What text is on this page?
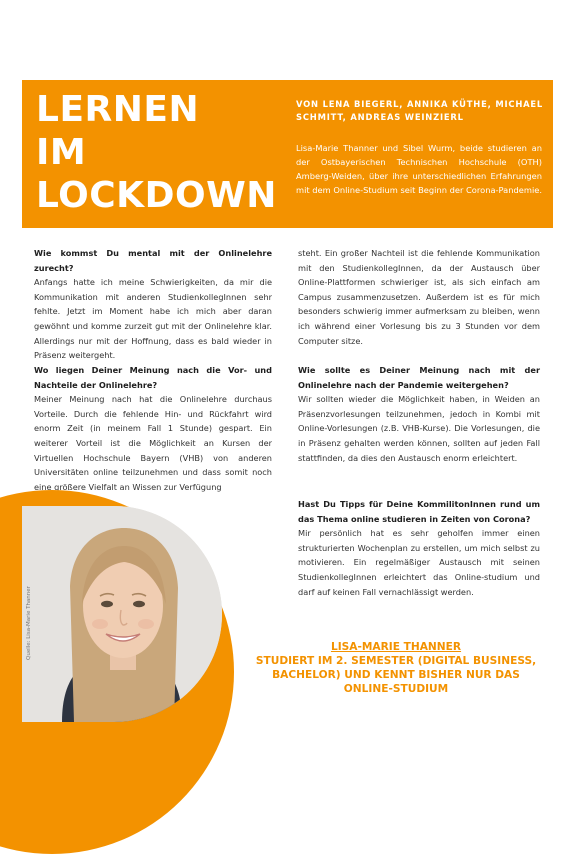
LERNEN
IM
LOCKDOWN

VON LENA BIEGERL, ANNIKA KÜTHE, MICHAEL SCHMITT, ANDREAS WEINZIERL

Lisa-Marie Thanner und Sibel Wurm, beide studieren an der Ostbayerischen Technischen Hochschule (OTH) Amberg-Weiden, über ihre unterschiedlichen Erfahrungen mit dem Online-Studium seit Beginn der Corona-Pandemie.

Wie kommst Du mental mit der Onlinelehre zurecht?
Anfangs hatte ich meine Schwierigkeiten, da mir die Kommunikation mit anderen StudienkollegInnen sehr fehlte. Jetzt im Moment habe ich mich aber daran gewöhnt und komme zurzeit gut mit der Onlinelehre klar. Allerdings nur mit der Hoffnung, dass es bald wieder in Präsenz weitergeht.
Wo liegen Deiner Meinung nach die Vor- und Nachteile der Onlinelehre?
Meiner Meinung nach hat die Onlinelehre durchaus Vorteile. Durch die fehlende Hin- und Rückfahrt wird enorm Zeit (in meinem Fall 1 Stunde) gespart. Ein weiterer Vorteil ist die Möglichkeit an Kursen der Virtuellen Hochschule Bayern (VHB) von anderen Universitäten online teilzunehmen und dass somit noch eine größere Vielfalt an Wissen zur Verfügung
steht. Ein großer Nachteil ist die fehlende Kommunikation mit den StudienkollegInnen, da der Austausch über Online-Plattformen schwieriger ist, als sich einfach am Campus zusammenzusetzen. Außerdem ist es für mich besonders schwierig immer aufmerksam zu bleiben, wenn ich während einer Vorlesung bis zu 3 Stunden vor dem Computer sitze.
Wie sollte es Deiner Meinung nach mit der Onlinelehre nach der Pandemie weitergehen?
Wir sollten wieder die Möglichkeit haben, in Weiden an Präsenzvorlesungen teilzunehmen, jedoch in Kombi mit Online-Vorlesungen (z.B. VHB-Kurse). Die Vorlesungen, die in Präsenz gehalten werden können, sollten auf jeden Fall stattfinden, da dies den Austausch enorm erleichtert.
Hast Du Tipps für Deine KommilitonInnen rund um das Thema online studieren in Zeiten von Corona?
Mir persönlich hat es sehr geholfen immer einen strukturierten Wochenplan zu erstellen, um mich selbst zu motivieren. Ein regelmäßiger Austausch mit seinen StudienkollegInnen erleichtert das Online-studium und darf auf keinen Fall vernachlässigt werden.
Quelle: Lisa-Marie Thanner	LISA-MARIE THANNER
STUDIERT IM 2. SEMESTER (DIGITAL BUSINESS,
BACHELOR) UND KENNT BISHER NUR DAS
ONLINE-STUDIUM
